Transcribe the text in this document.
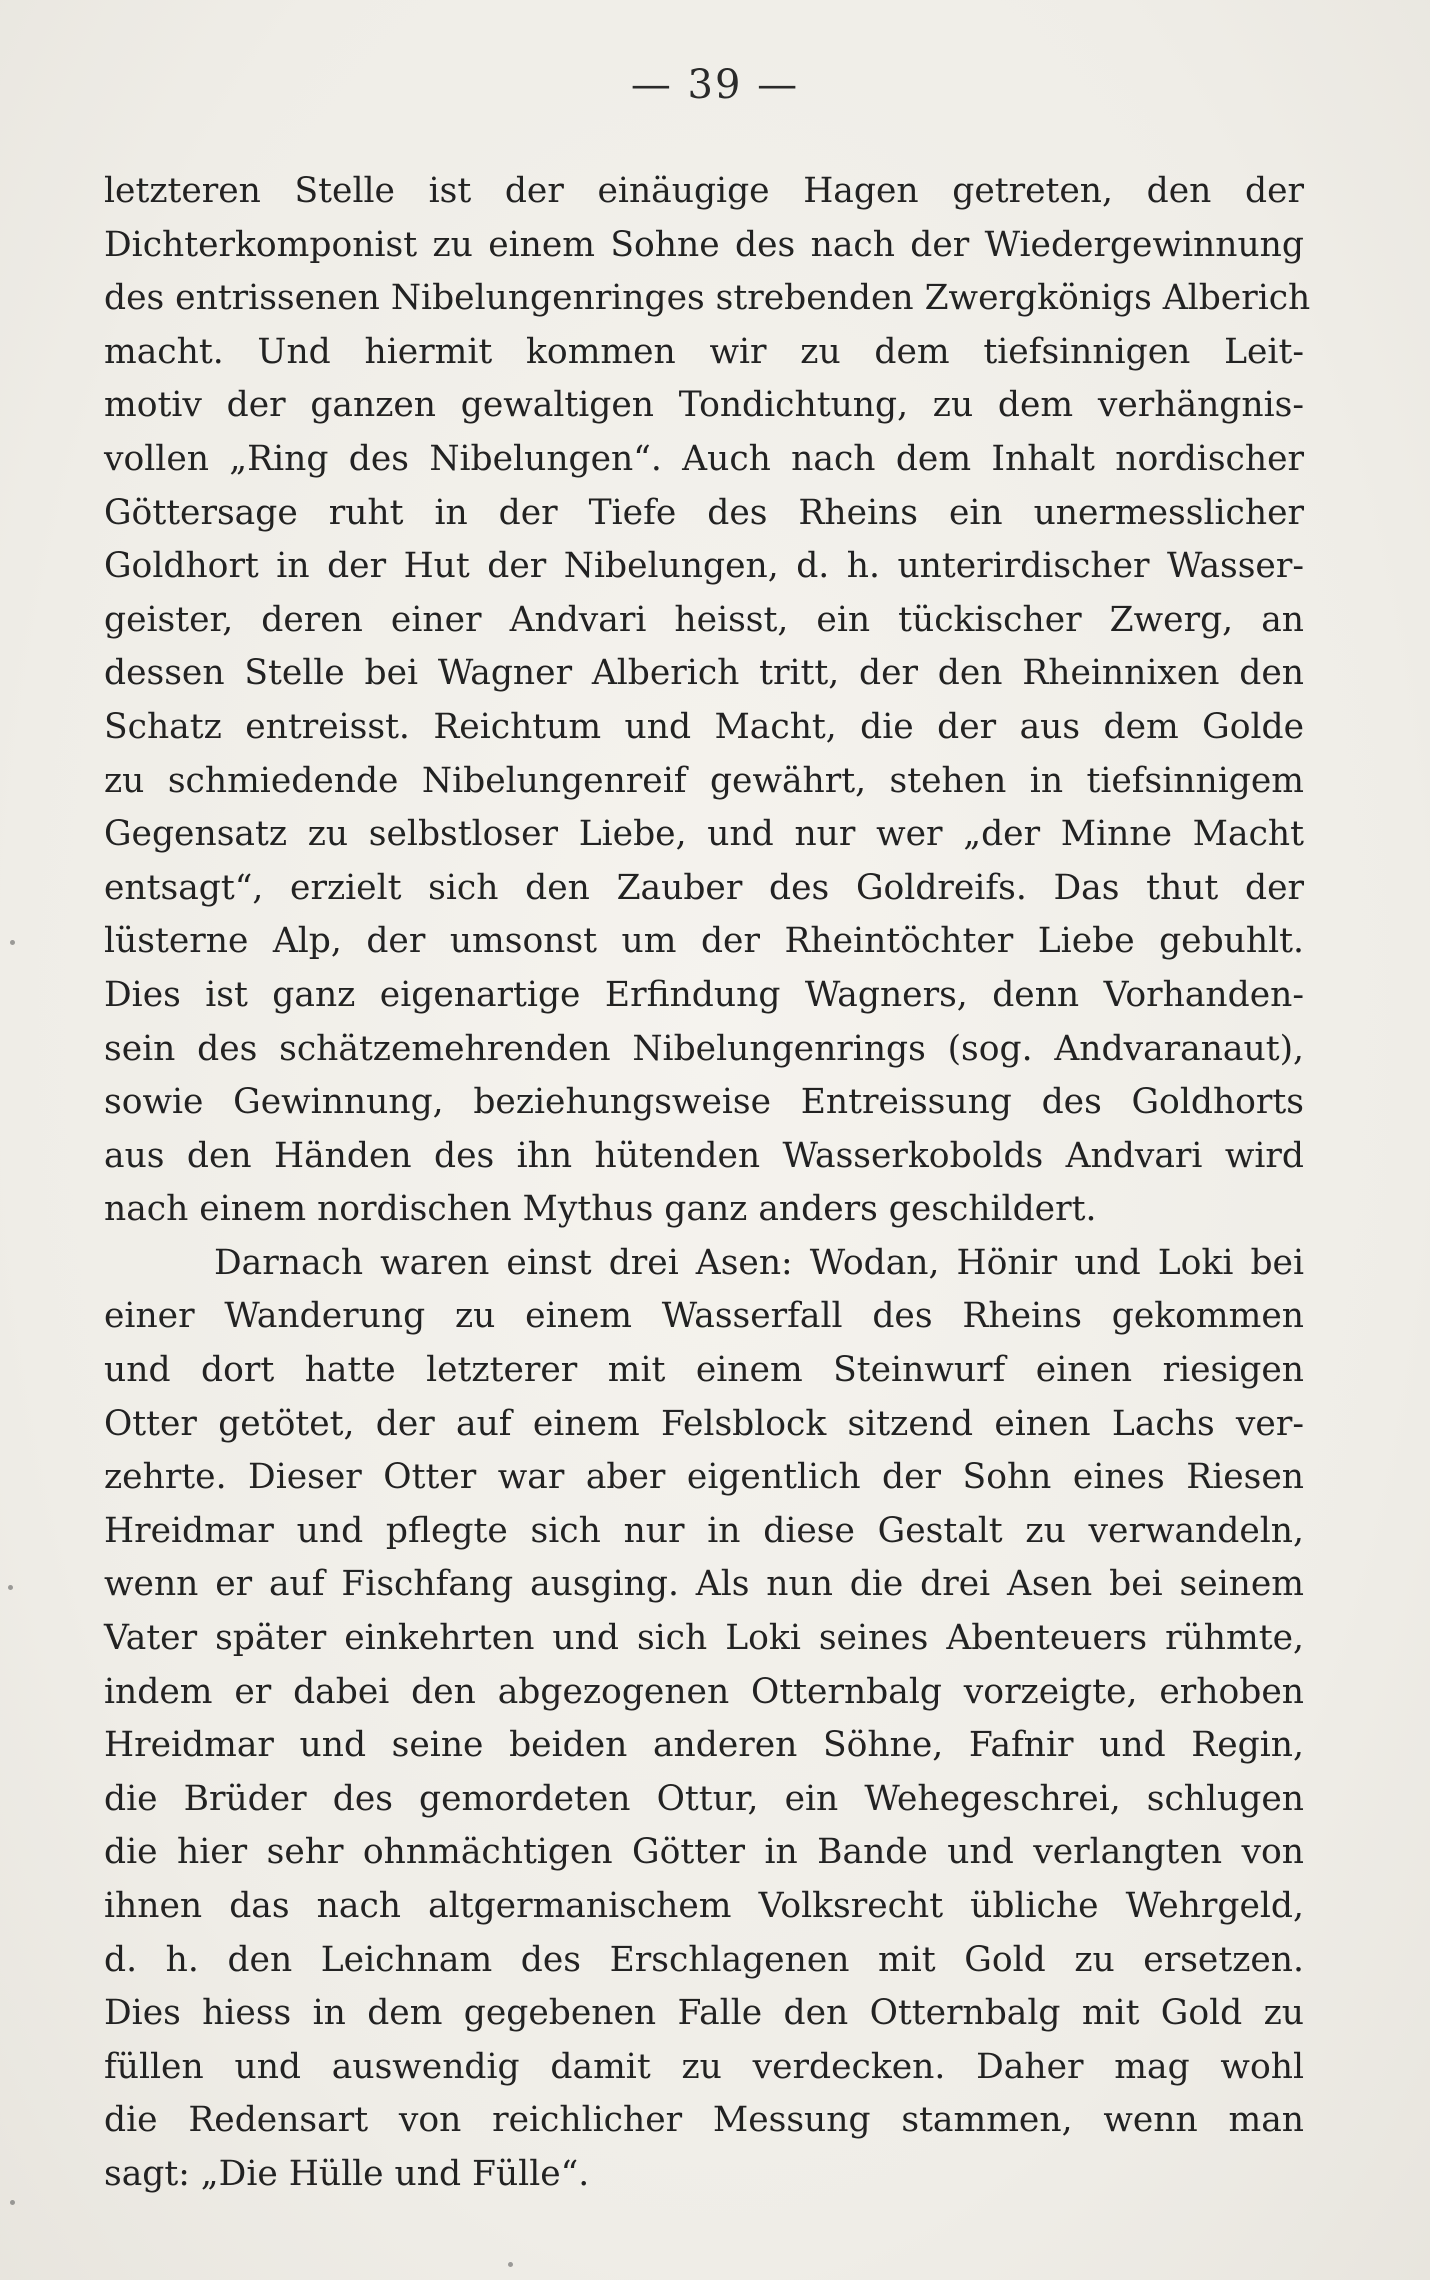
— 39 —
letzteren Stelle ist der einäugige Hagen getreten, den der
Dichterkomponist zu einem Sohne des nach der Wiedergewinnung
des entrissenen Nibelungenringes strebenden Zwergkönigs Alberich
macht. Und hiermit kommen wir zu dem tiefsinnigen Leit-
motiv der ganzen gewaltigen Tondichtung, zu dem verhängnis-
vollen „Ring des Nibelungen“. Auch nach dem Inhalt nordischer
Göttersage ruht in der Tiefe des Rheins ein unermesslicher
Goldhort in der Hut der Nibelungen, d. h. unterirdischer Wasser-
geister, deren einer Andvari heisst, ein tückischer Zwerg, an
dessen Stelle bei Wagner Alberich tritt, der den Rheinnixen den
Schatz entreisst. Reichtum und Macht, die der aus dem Golde
zu schmiedende Nibelungenreif gewährt, stehen in tiefsinnigem
Gegensatz zu selbstloser Liebe, und nur wer „der Minne Macht
entsagt“, erzielt sich den Zauber des Goldreifs. Das thut der
lüsterne Alp, der umsonst um der Rheintöchter Liebe gebuhlt.
Dies ist ganz eigenartige Erfindung Wagners, denn Vorhanden-
sein des schätzemehrenden Nibelungenrings (sog. Andvaranaut),
sowie Gewinnung, beziehungsweise Entreissung des Goldhorts
aus den Händen des ihn hütenden Wasserkobolds Andvari wird
nach einem nordischen Mythus ganz anders geschildert.
Darnach waren einst drei Asen: Wodan, Hönir und Loki bei
einer Wanderung zu einem Wasserfall des Rheins gekommen
und dort hatte letzterer mit einem Steinwurf einen riesigen
Otter getötet, der auf einem Felsblock sitzend einen Lachs ver-
zehrte. Dieser Otter war aber eigentlich der Sohn eines Riesen
Hreidmar und pflegte sich nur in diese Gestalt zu verwandeln,
wenn er auf Fischfang ausging. Als nun die drei Asen bei seinem
Vater später einkehrten und sich Loki seines Abenteuers rühmte,
indem er dabei den abgezogenen Otternbalg vorzeigte, erhoben
Hreidmar und seine beiden anderen Söhne, Fafnir und Regin,
die Brüder des gemordeten Ottur, ein Wehegeschrei, schlugen
die hier sehr ohnmächtigen Götter in Bande und verlangten von
ihnen das nach altgermanischem Volksrecht übliche Wehrgeld,
d. h. den Leichnam des Erschlagenen mit Gold zu ersetzen.
Dies hiess in dem gegebenen Falle den Otternbalg mit Gold zu
füllen und auswendig damit zu verdecken. Daher mag wohl
die Redensart von reichlicher Messung stammen, wenn man
sagt: „Die Hülle und Fülle“.
